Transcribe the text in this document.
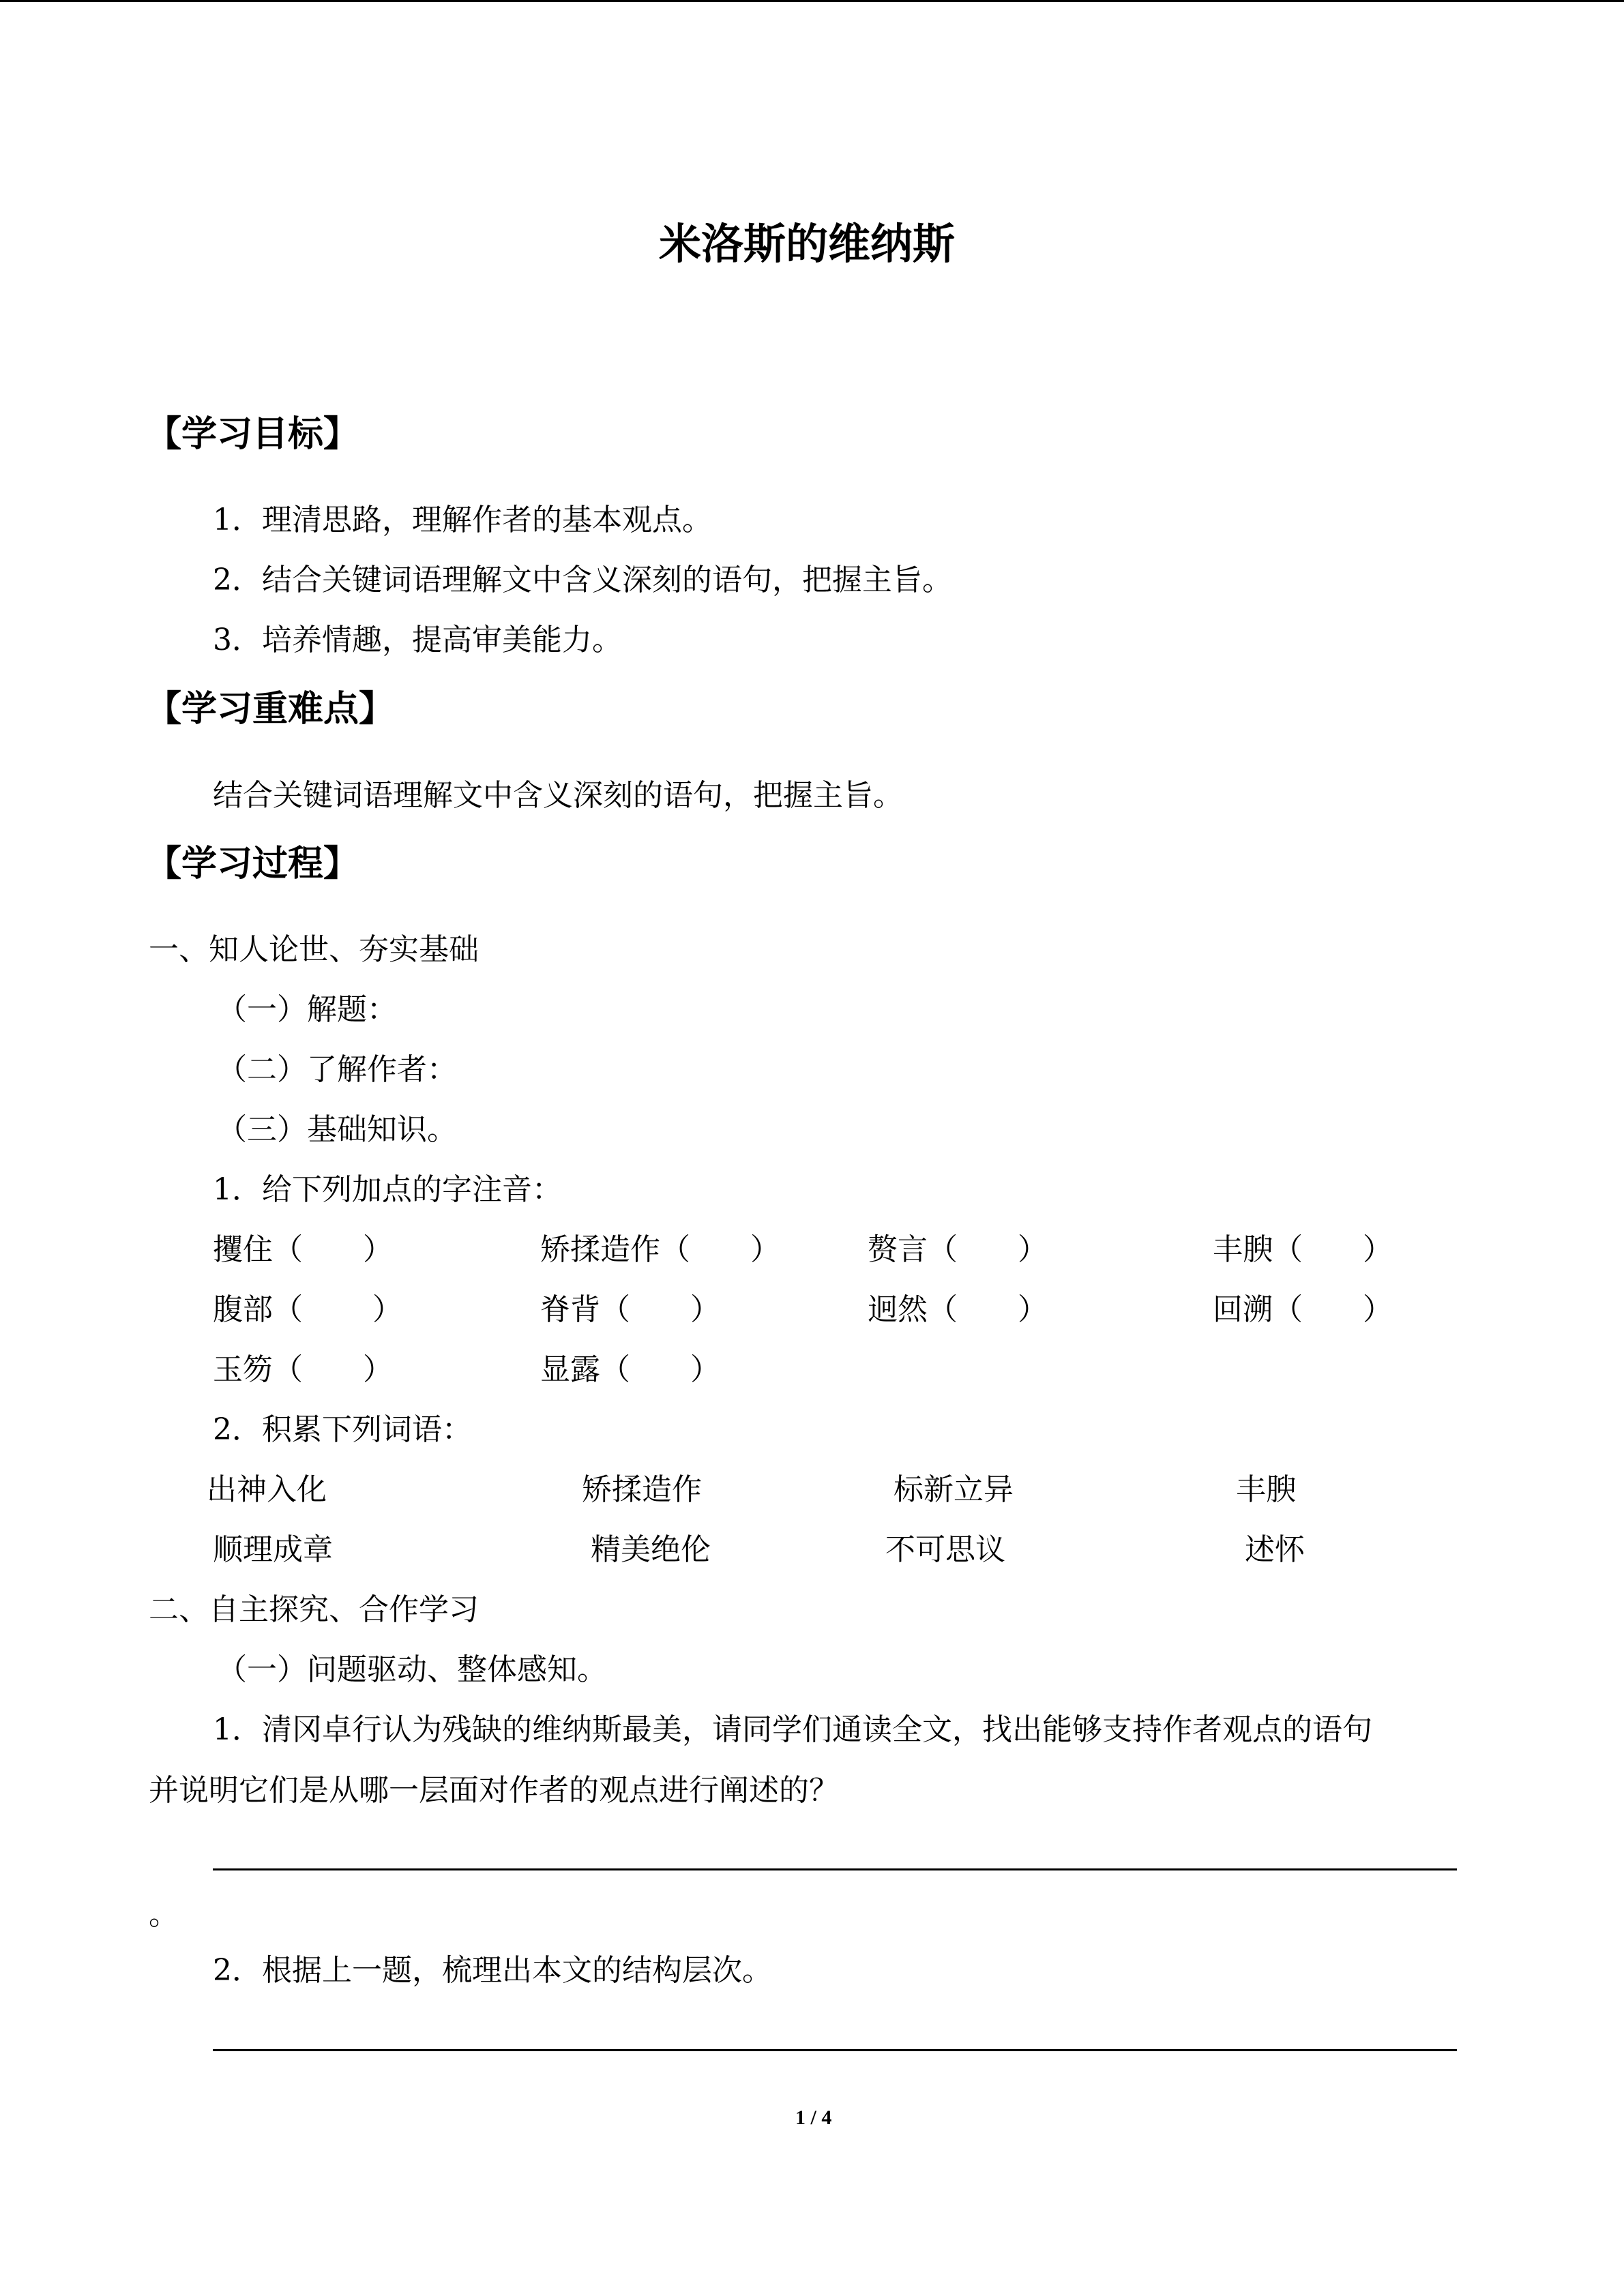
米洛斯的维纳斯
【学习目标】
1．理清思路，理解作者的基本观点。
2．结合关键词语理解文中含义深刻的语句，把握主旨。
3．培养情趣，提高审美能力。
【学习重难点】
结合关键词语理解文中含义深刻的语句，把握主旨。
【学习过程】
一、知人论世、夯实基础
（一）解题：
（二）了解作者：
（三）基础知识。
1．给下列加点的字注音：
攫住（　　）	矫揉造作（　　）	赘言（　　）	丰腴（　　）
腹部（　　 ）	脊背（　　）	迥然（　　）	回溯（　　）
玉笏（　　）	显露（　　）
2．积累下列词语：
出神入化	矫揉造作	标新立异	丰腴
顺理成章	精美绝伦	不可思议	述怀
二、自主探究、合作学习
（一）问题驱动、整体感知。
1．清冈卓行认为残缺的维纳斯最美，请同学们通读全文，找出能够支持作者观点的语句
并说明它们是从哪一层面对作者的观点进行阐述的？
。
2．根据上一题，梳理出本文的结构层次。
1 / 4
